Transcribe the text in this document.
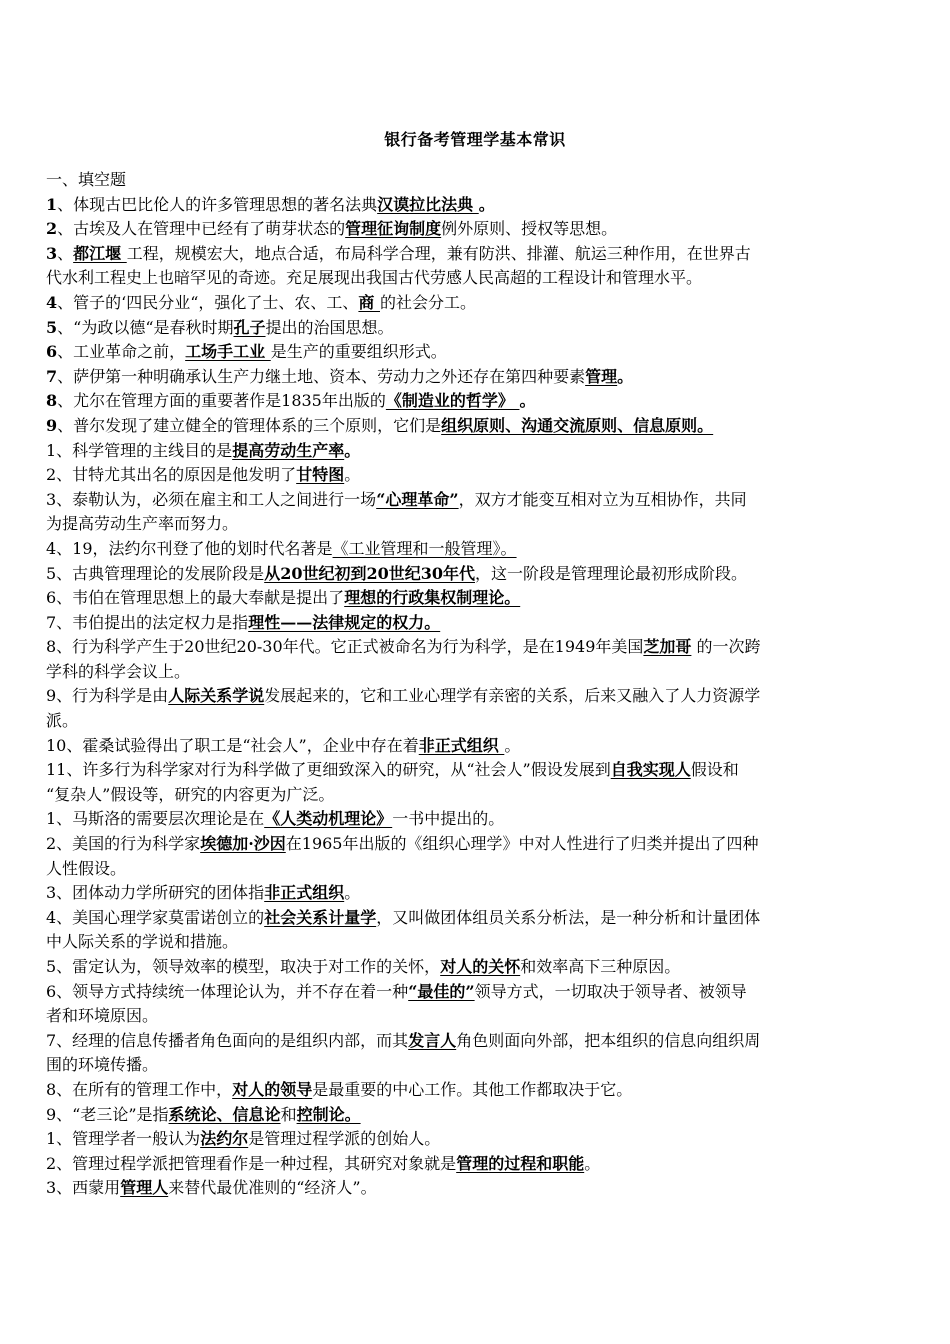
银行备考管理学基本常识
一、填空题
1、体现古巴比伦人的许多管理思想的著名法典汉谟拉比法典 。
2、古埃及人在管理中已经有了萌芽状态的管理征询制度例外原则、授权等思想。
3、都江堰 工程，规模宏大，地点合适，布局科学合理，兼有防洪、排灌、航运三种作用，在世界古
代水利工程史上也暗罕见的奇迹。充足展现出我国古代劳感人民高超的工程设计和管理水平。
4、管子的‘四民分业“，强化了士、农、工、商 的社会分工。
5、“为政以德“是春秋时期孔子提出的治国思想。
6、工业革命之前，工场手工业 是生产的重要组织形式。
7、萨伊第一种明确承认生产力继土地、资本、劳动力之外还存在第四种要素管理。
8、尤尔在管理方面的重要著作是1835年出版的《制造业的哲学》 。
9、普尔发现了建立健全的管理体系的三个原则，它们是组织原则、沟通交流原则、信息原则。
1、科学管理的主线目的是提高劳动生产率。
2、甘特尤其出名的原因是他发明了甘特图。
3、泰勒认为，必须在雇主和工人之间进行一场“心理革命”，双方才能变互相对立为互相协作，共同
为提高劳动生产率而努力。
4、19，法约尔刊登了他的划时代名著是《工业管理和一般管理》。
5、古典管理理论的发展阶段是从20世纪初到20世纪30年代，这一阶段是管理理论最初形成阶段。
6、韦伯在管理思想上的最大奉献是提出了理想的行政集权制理论。
7、韦伯提出的法定权力是指理性——法律规定的权力。
8、行为科学产生于20世纪20-30年代。它正式被命名为行为科学，是在1949年美国芝加哥 的一次跨
学科的科学会议上。
9、行为科学是由人际关系学说发展起来的，它和工业心理学有亲密的关系，后来又融入了人力资源学
派。
10、霍桑试验得出了职工是“社会人”，企业中存在着非正式组织 。
11、许多行为科学家对行为科学做了更细致深入的研究，从“社会人”假设发展到自我实现人假设和
“复杂人”假设等，研究的内容更为广泛。
1、马斯洛的需要层次理论是在《人类动机理论》一书中提出的。
2、美国的行为科学家埃德加·沙因在1965年出版的《组织心理学》中对人性进行了归类并提出了四种
人性假设。
3、团体动力学所研究的团体指非正式组织。
4、美国心理学家莫雷诺创立的社会关系计量学，又叫做团体组员关系分析法，是一种分析和计量团体
中人际关系的学说和措施。
5、雷定认为，领导效率的模型，取决于对工作的关怀，对人的关怀和效率高下三种原因。
6、领导方式持续统一体理论认为，并不存在着一种“最佳的”领导方式，一切取决于领导者、被领导
者和环境原因。
7、经理的信息传播者角色面向的是组织内部，而其发言人角色则面向外部，把本组织的信息向组织周
围的环境传播。
8、在所有的管理工作中，对人的领导是最重要的中心工作。其他工作都取决于它。
9、“老三论”是指系统论、信息论和控制论。
1、管理学者一般认为法约尔是管理过程学派的创始人。
2、管理过程学派把管理看作是一种过程，其研究对象就是管理的过程和职能。
3、西蒙用管理人来替代最优准则的“经济人”。
